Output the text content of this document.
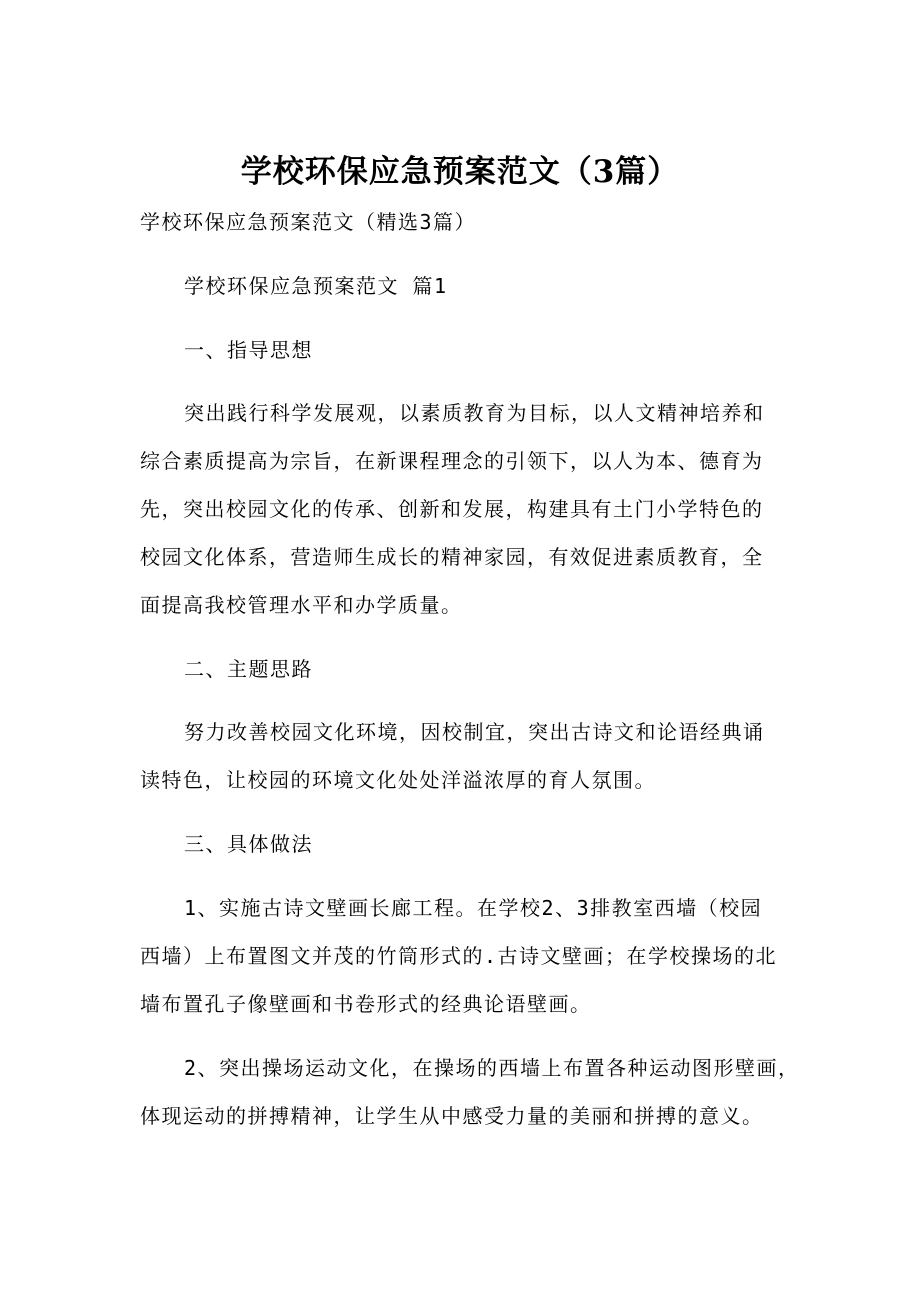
学校环保应急预案范文（3篇）
学校环保应急预案范文（精选3篇）
学校环保应急预案范文 篇1
一、指导思想
突出践行科学发展观，以素质教育为目标，以人文精神培养和
综合素质提高为宗旨，在新课程理念的引领下，以人为本、德育为
先，突出校园文化的传承、创新和发展，构建具有土门小学特色的
校园文化体系，营造师生成长的精神家园，有效促进素质教育，全
面提高我校管理水平和办学质量。
二、主题思路
努力改善校园文化环境，因校制宜，突出古诗文和论语经典诵
读特色，让校园的环境文化处处洋溢浓厚的育人氛围。
三、具体做法
1、实施古诗文壁画长廊工程。在学校2、3排教室西墙（校园
西墙）上布置图文并茂的竹筒形式的.古诗文壁画；在学校操场的北
墙布置孔子像壁画和书卷形式的经典论语壁画。
2、突出操场运动文化，在操场的西墙上布置各种运动图形壁画，
体现运动的拼搏精神，让学生从中感受力量的美丽和拼搏的意义。
